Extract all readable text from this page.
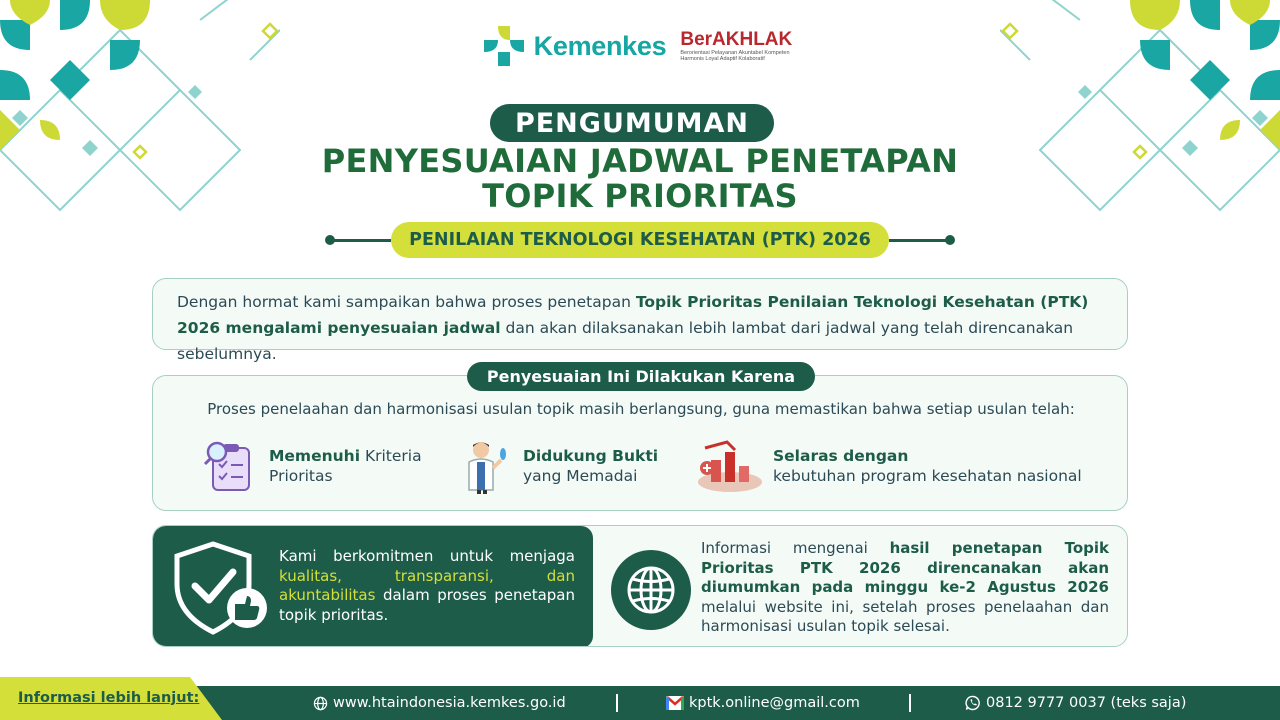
Kemenkes BerAKHLAK
Berorientasi Pelayanan Akuntabel Kompeten Harmonis Loyal Adaptif Kolaboratif
PENGUMUMAN
PENYESUAIAN JADWAL PENETAPAN
TOPIK PRIORITAS
PENILAIAN TEKNOLOGI KESEHATAN (PTK) 2026
Dengan hormat kami sampaikan bahwa proses penetapan Topik Prioritas Penilaian Teknologi Kesehatan (PTK) 2026 mengalami penyesuaian jadwal dan akan dilaksanakan lebih lambat dari jadwal yang telah direncanakan sebelumnya.
Penyesuaian Ini Dilakukan Karena
Proses penelaahan dan harmonisasi usulan topik masih berlangsung, guna memastikan bahwa setiap usulan telah:
Memenuhi Kriteria
Prioritas
Didukung Bukti
yang Memadai
Selaras dengan
kebutuhan program kesehatan nasional
Kami berkomitmen untuk menjaga kualitas, transparansi, dan akuntabilitas dalam proses penetapan topik prioritas.
Informasi mengenai hasil penetapan Topik Prioritas PTK 2026 direncanakan akan diumumkan pada minggu ke-2 Agustus 2026 melalui website ini, setelah proses penelaahan dan harmonisasi usulan topik selesai.
Informasi lebih lanjut:	www.htaindonesia.kemkes.go.id	kptk.online@gmail.com	0812 9777 0037 (teks saja)
